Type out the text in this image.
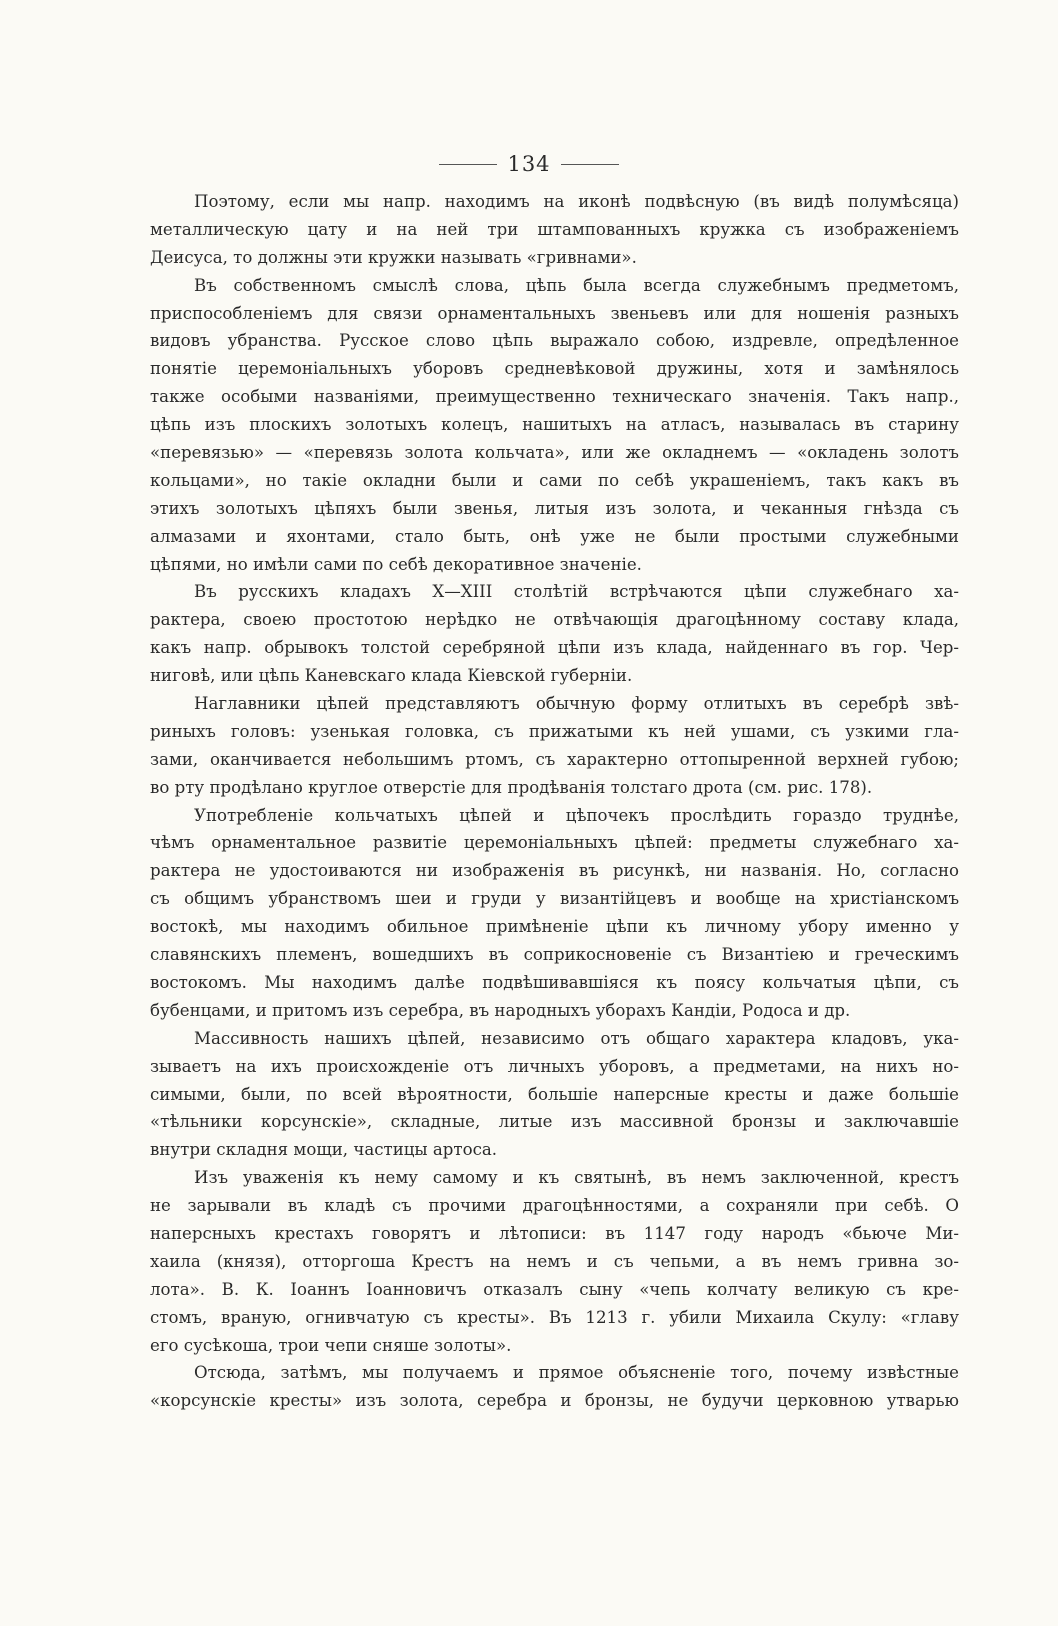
134

Поэтому, если мы напр. находимъ на иконѣ подвѣсную (въ видѣ полумѣсяца)
металлическую цату и на ней три штампованныхъ кружка съ изображеніемъ
Деисуса, то должны эти кружки называть «гривнами».

Въ собственномъ смыслѣ слова, цѣпь была всегда служебнымъ предметомъ,
приспособленіемъ для связи орнаментальныхъ звеньевъ или для ношенія разныхъ
видовъ убранства. Русское слово цѣпь выражало собою, издревле, опредѣленное
понятіе церемоніальныхъ уборовъ средневѣковой дружины, хотя и замѣнялось
также особыми названіями, преимущественно техническаго значенія. Такъ напр.,
цѣпь изъ плоскихъ золотыхъ колецъ, нашитыхъ на атласъ, называлась въ старину
«перевязью» — «перевязь золота кольчата», или же окладнемъ — «окладень золотъ
кольцами», но такіе окладни были и сами по себѣ украшеніемъ, такъ какъ въ
этихъ золотыхъ цѣпяхъ были звенья, литыя изъ золота, и чеканныя гнѣзда съ
алмазами и яхонтами, стало быть, онѣ уже не были простыми служебными
цѣпями, но имѣли сами по себѣ декоративное значеніе.

Въ русскихъ кладахъ X—XIII столѣтій встрѣчаются цѣпи служебнаго ха-
рактера, своею простотою нерѣдко не отвѣчающія драгоцѣнному составу клада,
какъ напр. обрывокъ толстой серебряной цѣпи изъ клада, найденнаго въ гор. Чер-
ниговѣ, или цѣпь Каневскаго клада Кіевской губерніи.

Наглавники цѣпей представляютъ обычную форму отлитыхъ въ серебрѣ звѣ-
риныхъ головъ: узенькая головка, съ прижатыми къ ней ушами, съ узкими гла-
зами, оканчивается небольшимъ ртомъ, съ характерно оттопыренной верхней губою;
во рту продѣлано круглое отверстіе для продѣванія толстаго дрота (см. рис. 178).

Употребленіе кольчатыхъ цѣпей и цѣпочекъ прослѣдить гораздо труднѣе,
чѣмъ орнаментальное развитіе церемоніальныхъ цѣпей: предметы служебнаго ха-
рактера не удостоиваются ни изображенія въ рисункѣ, ни названія. Но, согласно
съ общимъ убранствомъ шеи и груди у византійцевъ и вообще на христіанскомъ
востокѣ, мы находимъ обильное примѣненіе цѣпи къ личному убору именно у
славянскихъ племенъ, вошедшихъ въ соприкосновеніе съ Византіею и греческимъ
востокомъ. Мы находимъ далѣе подвѣшивавшіяся къ поясу кольчатыя цѣпи, съ
бубенцами, и притомъ изъ серебра, въ народныхъ уборахъ Кандіи, Родоса и др.

Массивность нашихъ цѣпей, независимо отъ общаго характера кладовъ, ука-
зываетъ на ихъ происхожденіе отъ личныхъ уборовъ, а предметами, на нихъ но-
симыми, были, по всей вѣроятности, большіе наперсные кресты и даже большіе
«тѣльники корсунскіе», складные, литые изъ массивной бронзы и заключавшіе
внутри складня мощи, частицы артоса.

Изъ уваженія къ нему самому и къ святынѣ, въ немъ заключенной, крестъ
не зарывали въ кладѣ съ прочими драгоцѣнностями, а сохраняли при себѣ. О
наперсныхъ крестахъ говорятъ и лѣтописи: въ 1147 году народъ «бьюче Ми-
хаила (князя), отторгоша Крестъ на немъ и съ чепьми, а въ немъ гривна зо-
лота». В. К. Іоаннъ Іоанновичъ отказалъ сыну «чепь колчату великую съ кре-
стомъ, враную, огнивчатую съ кресты». Въ 1213 г. убили Михаила Скулу: «главу
его сусѣкоша, трои чепи сняше золоты».

Отсюда, затѣмъ, мы получаемъ и прямое объясненіе того, почему извѣстные
«корсунскіе кресты» изъ золота, серебра и бронзы, не будучи церковною утварью
